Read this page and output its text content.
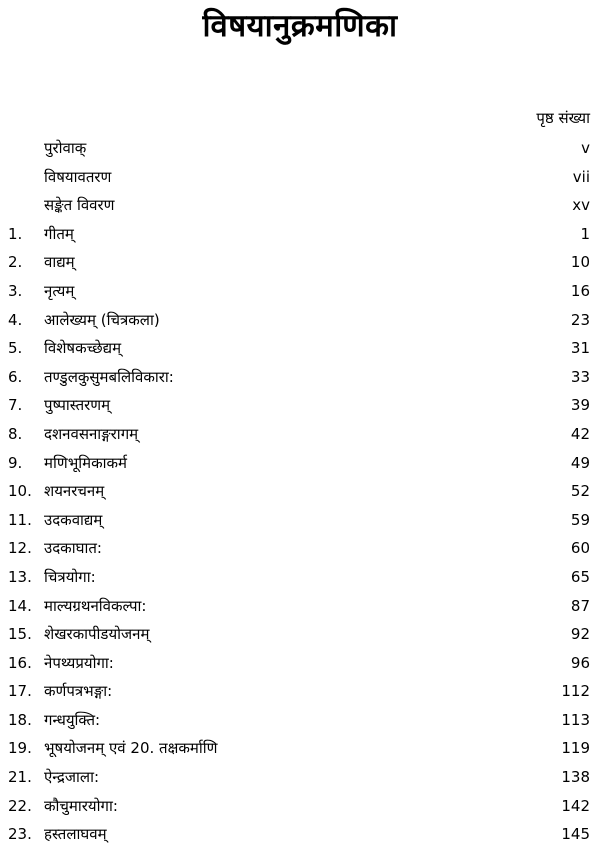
विषयानुक्रमणिका
पृष्ठ संख्या
पुरोवाक्	v
विषयावतरण	vii
सङ्केत विवरण	xv
1. गीतम्	1
2. वाद्यम्	10
3. नृत्यम्	16
4. आलेख्यम् (चित्रकला)	23
5. विशेषकच्छेद्यम्	31
6. तण्डुलकुसुमबलिविकारा:	33
7. पुष्पास्तरणम्	39
8. दशनवसनाङ्गरागम्	42
9. मणिभूमिकाकर्म	49
10. शयनरचनम्	52
11. उदकवाद्यम्	59
12. उदकाघात:	60
13. चित्रयोगा:	65
14. माल्यग्रथनविकल्पा:	87
15. शेखरकापीडयोजनम्	92
16. नेपथ्यप्रयोगा:	96
17. कर्णपत्रभङ्गा:	112
18. गन्धयुक्ति:	113
19. भूषयोजनम् एवं 20. तक्षकर्माणि	119
21. ऐन्द्रजाला:	138
22. कौचुमारयोगा:	142
23. हस्तलाघवम्	145
